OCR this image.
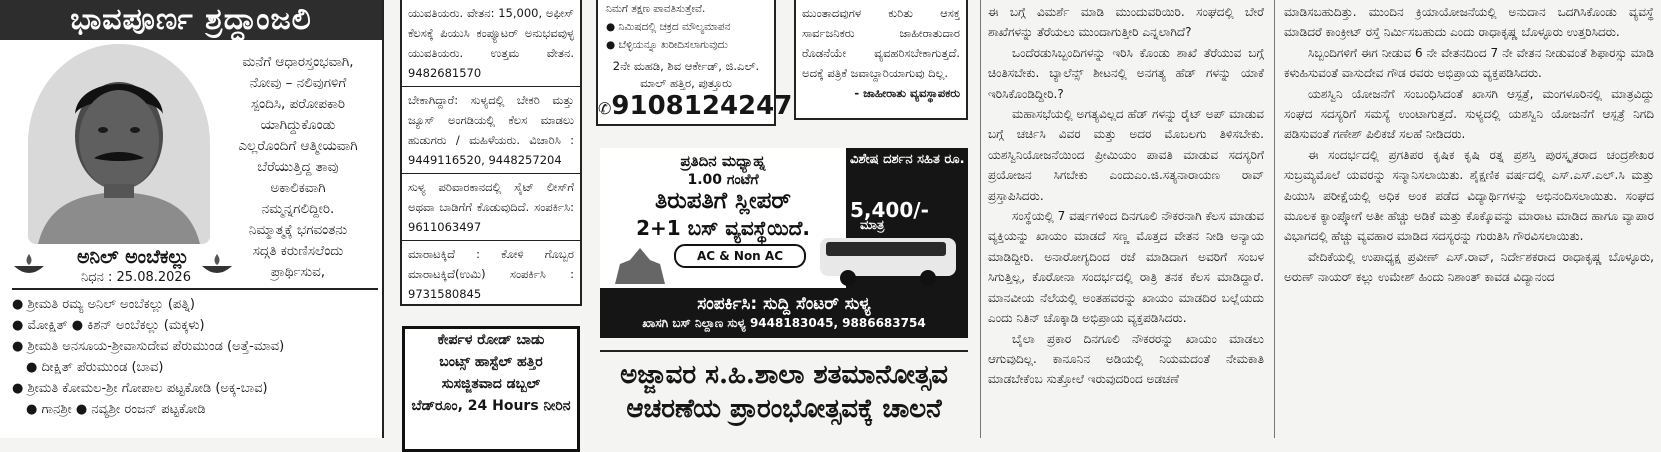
ಭಾವಪೂರ್ಣ ಶ್ರದ್ಧಾಂಜಲಿ
ಮನೆಗೆ ಆಧಾರಸ್ತಂಭವಾಗಿ,
ನೋವು – ನಲಿವುಗಳಿಗೆ
ಸ್ಪಂದಿಸಿ, ಪರೋಪಕಾರಿ
ಯಾಗಿದ್ದುಕೊಂಡು
ಎಲ್ಲರೊಂದಿಗೆ ಆತ್ಮೀಯವಾಗಿ
ಬೆರೆಯುತ್ತಿದ್ದ ತಾವು
ಅಕಾಲಿಕವಾಗಿ
ನಮ್ಮನ್ನಗಲಿದ್ದೀರಿ.
ನಿಮ್ಮಾತ್ಮಕ್ಕೆ ಭಗವಂತನು
ಸದ್ಗತಿ ಕರುಣಿಸಲೆಂದು
ಪ್ರಾರ್ಥಿಸುವ,
ಅನಿಲ್ ಅಂಬೆಕಲ್ಲು
ನಿಧನ : 25.08.2026
● ಶ್ರೀಮತಿ ರಮ್ಯ ಅನಿಲ್ ಅಂಬೆಕಲ್ಲು (ಪತ್ನಿ)
● ಮೋಕ್ಷಿತ್ ● ಕಿಶನ್ ಅಂಬೆಕಲ್ಲು (ಮಕ್ಕಳು)
● ಶ್ರೀಮತಿ ಅನಸೂಯ-ಶ್ರೀವಾಸುದೇವ ಪೆರುಮುಂಡ (ಅತ್ತೆ-ಮಾವ)
● ದೀಕ್ಷಿತ್ ಪೆರುಮುಂಡ (ಬಾವ)
● ಶ್ರೀಮತಿ ಕೋಮಲ-ಶ್ರೀ ಗೋಪಾಲ ಪಟ್ಟಕೋಡಿ (ಅಕ್ಕ-ಬಾವ)
● ಗಾನಶ್ರೀ ● ನವ್ಯಶ್ರೀ ರಂಜನ್ ಪಟ್ಟಕೋಡಿ
ಯುವತಿಯರು. ವೇತನ: 15,000, ಅಫೀಸ್ ಕೆಲಸಕ್ಕೆ ಪಿಯುಸಿ ಕಂಪ್ಯೂಟರ್ ಅನುಭವವುಳ್ಳ ಯುವತಿಯರು. ಉತ್ತಮ ವೇತನ. 9482681570
ಬೇಕಾಗಿದ್ದಾರೆ: ಸುಳ್ಯದಲ್ಲಿ ಬೇಕರಿ ಮತ್ತು ಜ್ಯೂಸ್ ಅಂಗಡಿಯಲ್ಲಿ ಕೆಲಸ ಮಾಡಲು ಹುಡುಗರು / ಮಹಿಳೆಯರು. ವಿಚಾರಿಸಿ : 9449116520, 9448257204
ಸುಳ್ಯ ಪರಿವಾರಕಾನದಲ್ಲಿ ಸೈಟ್ ಲೀಸ್‌ಗೆ ಅಥವಾ ಬಾಡಿಗೆಗೆ ಕೊಡುವುದಿದೆ. ಸಂಪರ್ಕಿಸಿ: 9611063497
ಮಾರಾಟಕ್ಕಿದೆ : ಕೋಳಿ ಗೊಬ್ಬರ ಮಾರಾಟಕ್ಕಿದೆ(ಉಮಿ) ಸಂಪರ್ಕಿಸಿ : 9731580845
ಕೇರ್ಪಳ ರೋಡ್ ಬಾಡು
ಬಂಟ್ಸ್ ಹಾಸ್ಟೆಲ್ ಹತ್ತಿರ
ಸುಸಜ್ಜಿತವಾದ ಡಬ್ಬಲ್
ಬೆಡ್‌ರೂಂ, 24 Hours ನೀರಿನ
ನಿಮಗೆ ತಕ್ಷಣ ಪಾವತಿಸುತ್ತೇವೆ.
● ನಿಮಿಷದಲ್ಲಿ ಚಕ್ರದ ಮೌಲ್ಯಮಾಪನ
● ಬೆಳ್ಳಿಯನ್ನೂ ಖರೀದಿಸಲಾಗುವುದು
2ನೇ ಮಹಡಿ, ಶಿವ ಆರ್ಕೇಡ್, ಜಿ.ಎಲ್. ಮಾಲ್ ಹತ್ತಿರ, ಪುತ್ತೂರು
✆9108124247
ಮುಂತಾದವುಗಳ ಕುರಿತು ಆಸಕ್ತ ಸಾರ್ವಜನಿಕರು ಜಾಹೀರಾತುದಾರ ರೊಡನೆಯೇ ವ್ಯವಹರಿಸಬೇಕಾಗುತ್ತದೆ. ಅದಕ್ಕೆ ಪತ್ರಿಕೆ ಜವಾಬ್ದಾರಿಯಾಗುವು ದಿಲ್ಲ.
- ಜಾಹೀರಾತು ವ್ಯವಸ್ಥಾಪಕರು
ಪ್ರತಿದಿನ ಮಧ್ಯಾಹ್ನ
1.00 ಗಂಟೆಗೆ
ತಿರುಪತಿಗೆ ಸ್ಲೀಪರ್
2+1 ಬಸ್ ವ್ಯವಸ್ಥೆಯಿದೆ.
AC & Non AC
ವಿಶೇಷ ದರ್ಶನ ಸಹಿತ ರೂ.
5,400/-
ಮಾತ್ರ
ಸಂಪರ್ಕಿಸಿ: ಸುದ್ದಿ ಸೆಂಟರ್ ಸುಳ್ಯ
ಖಾಸಗಿ ಬಸ್ ನಿಲ್ದಾಣ ಸುಳ್ಯ 9448183045, 9886683754
ಅಜ್ಜಾವರ ಸ.ಹಿ.ಶಾಲಾ ಶತಮಾನೋತ್ಸವ
ಆಚರಣೆಯ ಪ್ರಾರಂಭೋತ್ಸವಕ್ಕೆ ಚಾಲನೆ

ಈ ಬಗ್ಗೆ ವಿಮರ್ಶೆ ಮಾಡಿ ಮುಂದುವರಿಯಿರಿ. ಸಂಘದಲ್ಲಿ ಬೇರೆ ಶಾಖೆಗಳನ್ನು ತೆರೆಯಲು ಮುಂದಾಗುತ್ತೀರಿ ಎನ್ನಲಾಗಿದೆ?

ಒಂದೆರಡುಸಿಬ್ಬಂದಿಗಳನ್ನು ಇರಿಸಿ ಕೊಂಡು ಶಾಖೆ ತೆರೆಯುವ ಬಗ್ಗೆ ಚಿಂತಿಸಬೇಕು. ಬ್ಯಾಲೆನ್ಸ್ ಶೀಟನಲ್ಲಿ ಅನಗತ್ಯ ಹೆಡ್ ಗಳನ್ನು ಯಾಕೆ ಇರಿಸಿಕೊಂಡಿದ್ದೀರಿ.?

ಮಹಾಸಭೆಯಲ್ಲಿ ಅಗತ್ಯವಿಲ್ಲದ ಹೆಡ್ ಗಳನ್ನು ರೈಟ್ ಅಪ್ ಮಾಡುವ ಬಗ್ಗೆ ಚರ್ಚಿಸಿ ವಿವರ ಮತ್ತು ಅದರ ಮೊಬಲಗು ತಿಳಿಸಬೇಕು. ಯಶಸ್ವಿನಿಯೋಜನೆಯಿಂದ ಪ್ರೀಮಿಯಂ ಪಾವತಿ ಮಾಡುವ ಸದಸ್ಯರಿಗೆ ಪ್ರಯೋಜನ ಸಿಗಬೇಕು ಎಂದುಎಂ.ಜಿ.ಸತ್ಯನಾರಾಯಣ ರಾವ್ ಪ್ರಸ್ತಾಪಿಸಿದರು.

ಸಂಸ್ಥೆಯಲ್ಲಿ 7 ವರ್ಷಗಳಿಂದ ದಿನಗೂಲಿ ನೌಕರನಾಗಿ ಕೆಲಸ ಮಾಡುವ ವ್ಯಕ್ತಿಯನ್ನು ಖಾಯಂ ಮಾಡದೆ ಸಣ್ಣ ಮೊತ್ತದ ವೇತನ ನೀಡಿ ಅನ್ಯಾಯ ಮಾಡಿದ್ದೀರಿ. ಅನಾರೋಗ್ಯದಿಂದ ರಜೆ ಮಾಡಿದಾಗ ಅವರಿಗೆ ಸಂಬಳ ಸಿಗುತ್ತಿಲ್ಲ, ಕೊರೋನಾ ಸಂದರ್ಭದಲ್ಲಿ ರಾತ್ರಿ ತನಕ ಕೆಲಸ ಮಾಡಿದ್ದಾರೆ. ಮಾನವೀಯ ನೆಲೆಯಲ್ಲಿ ಅಂತಹವರನ್ನು ಖಾಯಂ ಮಾಡದಿರ ಬಲ್ಲೆಯದು ಎಂದು ನಿತಿನ್ ಚೊಕ್ಕಾಡಿ ಅಭಿಪ್ರಾಯ ವ್ಯಕ್ತಪಡಿಸಿದರು.

ಬೈಲಾ ಪ್ರಕಾರ ದಿನಗೂಲಿ ನೌಕರರನ್ನು ಖಾಯಂ ಮಾಡಲು ಆಗುವುದಿಲ್ಲ. ಕಾನೂನಿನ ಅಡಿಯಲ್ಲಿ ನಿಯಮದಂತೆ ನೇಮಕಾತಿ ಮಾಡಬೇಕೆಂಬ ಸುತ್ತೋಲೆ ಇರುವುದರಿಂದ ಅಡಚಣೆ

ಮಾಡಿಸಬಹುದಿತ್ತು. ಮುಂದಿನ ಕ್ರಿಯಾಯೋಜನೆಯಲ್ಲಿ ಅನುದಾನ ಒದಗಿಸಿಕೊಂಡು ವ್ಯವಸ್ಥೆ ಮಾಡಿದರೆ ಕಾಂಕ್ರೀಟ್ ರಸ್ತೆ ನಿರ್ಮಿಸಬಹುದು ಎಂದು ರಾಧಾಕೃಷ್ಣ ಬೊಳ್ಳೂರು ಉತ್ತರಿಸಿದರು.

ಸಿಬ್ಬಂದಿಗಳಿಗೆ ಈಗ ನೀಡುವ 6 ನೇ ವೇತನದಿಂದ 7 ನೇ ವೇತನ ನೀಡುವಂತೆ ಶಿಫಾರಸ್ಸು ಮಾಡಿ ಕಳುಹಿಸುವಂತೆ ವಾಸುದೇವ ಗೌಡ ರವರು ಅಭಿಪ್ರಾಯ ವ್ಯಕ್ತಪಡಿಸಿದರು.

ಯಶಸ್ವಿನಿ ಯೋಜನೆಗೆ ಸಂಬಂಧಿಸಿದಂತೆ ಖಾಸಗಿ ಆಸ್ಪತ್ರೆ, ಮಂಗಳೂರಿನಲ್ಲಿ ಮಾತ್ರವಿದ್ದು ಸಂಘದ ಸದಸ್ಯರಿಗೆ ಸಮಸ್ಯೆ ಉಂಟಾಗುತ್ತದೆ. ಸುಳ್ಯದಲ್ಲಿ ಯಶಸ್ವಿನಿ ಯೋಜನೆಗೆ ಆಸ್ಪತ್ರೆ ನಿಗದಿ ಪಡಿಸುವಂತೆ ಗಣೇಶ್ ಪಿಲಿಕಜೆ ಸಲಹೆ ನೀಡಿದರು.

ಈ ಸಂದರ್ಭದಲ್ಲಿ ಪ್ರಗತಿಪರ ಕೃಷಿಕ ಕೃಷಿ ರತ್ನ ಪ್ರಶಸ್ತಿ ಪುರಸ್ಕೃತರಾದ ಚಂದ್ರಶೇಖರ ಸುಬ್ರಮ್ಯಮೊಲೆ ಯವರನ್ನು ಸನ್ಮಾನಿಸಲಾಯಿತು. ಶೈಕ್ಷಣಿಕ ವರ್ಷದಲ್ಲಿ ಎಸ್.ಎಸ್.ಎಲ್.ಸಿ ಮತ್ತು ಪಿಯುಸಿ ಪರೀಕ್ಷೆಯಲ್ಲಿ ಅಧಿಕ ಅಂಕ ಪಡೆದ ವಿದ್ಯಾರ್ಥಿಗಳನ್ನು ಅಭಿನಂದಿಸಲಾಯಿತು. ಸಂಘದ ಮೂಲಕ ಕ್ಯಾಂಪ್ಕೋಗೆ ಅತೀ ಹೆಚ್ಚು ಅಡಿಕೆ ಮತ್ತು ಕೊಕ್ಕೊವನ್ನು ಮಾರಾಟ ಮಾಡಿದ ಹಾಗೂ ವ್ಯಾಪಾರ ವಿಭಾಗದಲ್ಲಿ ಹೆಚ್ಚು ವ್ಯವಹಾರ ಮಾಡಿದ ಸದಸ್ಯರನ್ನು ಗುರುತಿಸಿ ಗೌರವಿಸಲಾಯಿತು.

ವೇದಿಕೆಯಲ್ಲಿ ಉಪಾಧ್ಯಕ್ಷ ಪ್ರವೀಣ್ ಎಸ್.ರಾವ್, ನಿರ್ದೇಶಕರಾದ ರಾಧಾಕೃಷ್ಣ ಬೊಳ್ಳೂರು, ಅರುಣ್ ನಾಯರ್ ಕಲ್ಲು ಉಮೇಶ್ ಹಿಂದು ನಿಶಾಂತ್ ಕಾವಡ ವಿದ್ಯಾನಂದ
